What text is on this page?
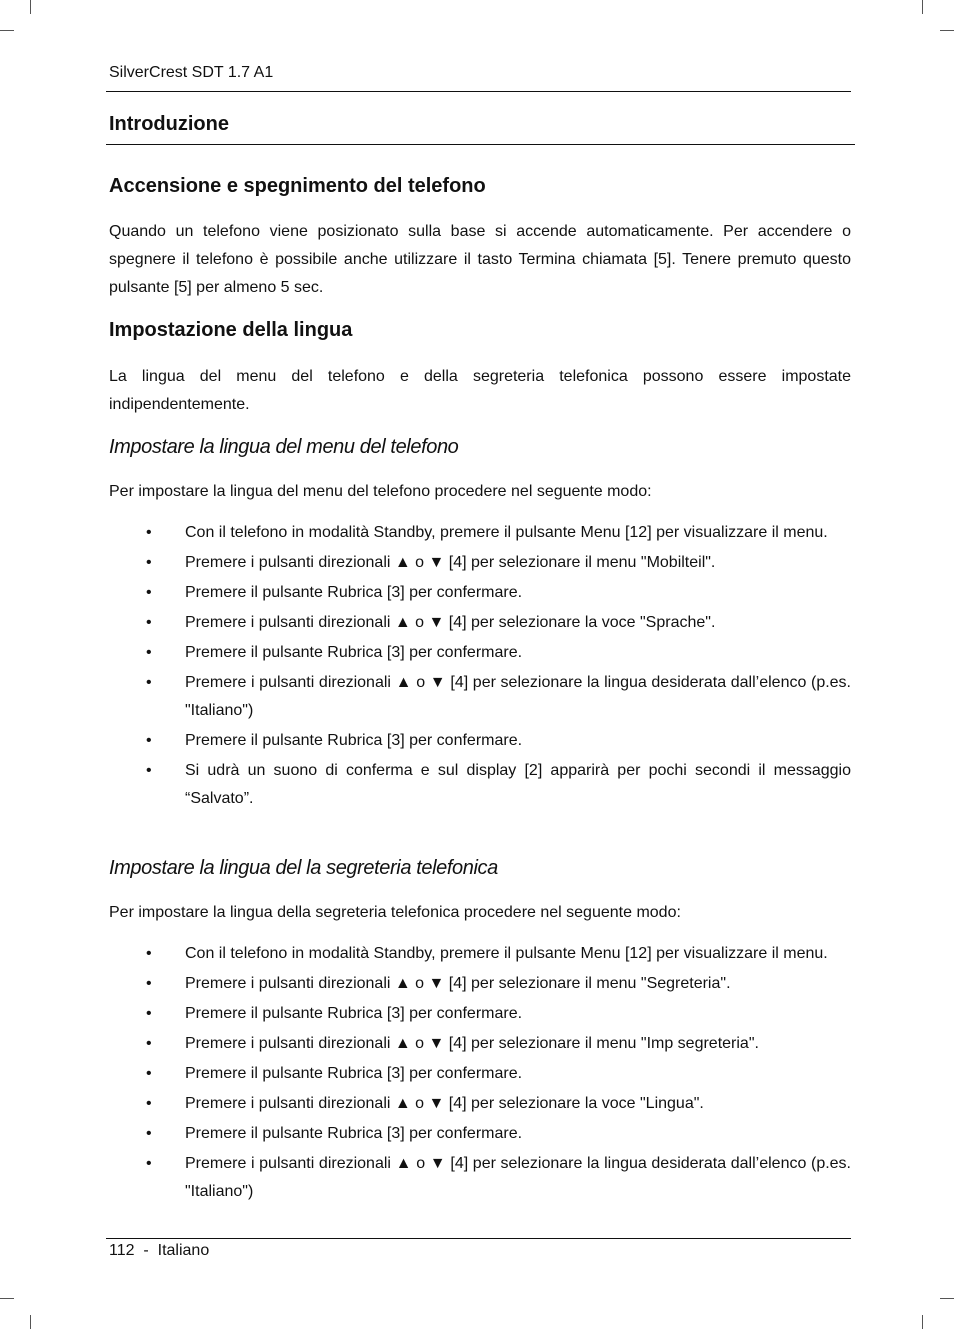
SilverCrest SDT 1.7 A1
Introduzione
Accensione e spegnimento del telefono
Quando un telefono viene posizionato sulla base si accende automaticamente. Per accendere o spegnere il telefono è possibile anche utilizzare il tasto Termina chiamata [5]. Tenere premuto questo pulsante [5] per almeno 5 sec.
Impostazione della lingua
La lingua del menu del telefono e della segreteria telefonica possono essere impostate indipendentemente.
Impostare la lingua del menu del telefono
Per impostare la lingua del menu del telefono procedere nel seguente modo:
• Con il telefono in modalità Standby, premere il pulsante Menu [12] per visualizzare il menu.
• Premere i pulsanti direzionali ▲ o ▼ [4] per selezionare il menu "Mobilteil".
• Premere il pulsante Rubrica [3] per confermare.
• Premere i pulsanti direzionali ▲ o ▼ [4] per selezionare la voce "Sprache".
• Premere il pulsante Rubrica [3] per confermare.
• Premere i pulsanti direzionali ▲ o ▼ [4] per selezionare la lingua desiderata dall’elenco (p.es. "Italiano")
• Premere il pulsante Rubrica [3] per confermare.
• Si udrà un suono di conferma e sul display [2] apparirà per pochi secondi il messaggio “Salvato”.
Impostare la lingua del la segreteria telefonica
Per impostare la lingua della segreteria telefonica procedere nel seguente modo:
• Con il telefono in modalità Standby, premere il pulsante Menu [12] per visualizzare il menu.
• Premere i pulsanti direzionali ▲ o ▼ [4] per selezionare il menu "Segreteria".
• Premere il pulsante Rubrica [3] per confermare.
• Premere i pulsanti direzionali ▲ o ▼ [4] per selezionare il menu "Imp segreteria".
• Premere il pulsante Rubrica [3] per confermare.
• Premere i pulsanti direzionali ▲ o ▼ [4] per selezionare la voce "Lingua".
• Premere il pulsante Rubrica [3] per confermare.
• Premere i pulsanti direzionali ▲ o ▼ [4] per selezionare la lingua desiderata dall’elenco (p.es. "Italiano")
112  -  Italiano
